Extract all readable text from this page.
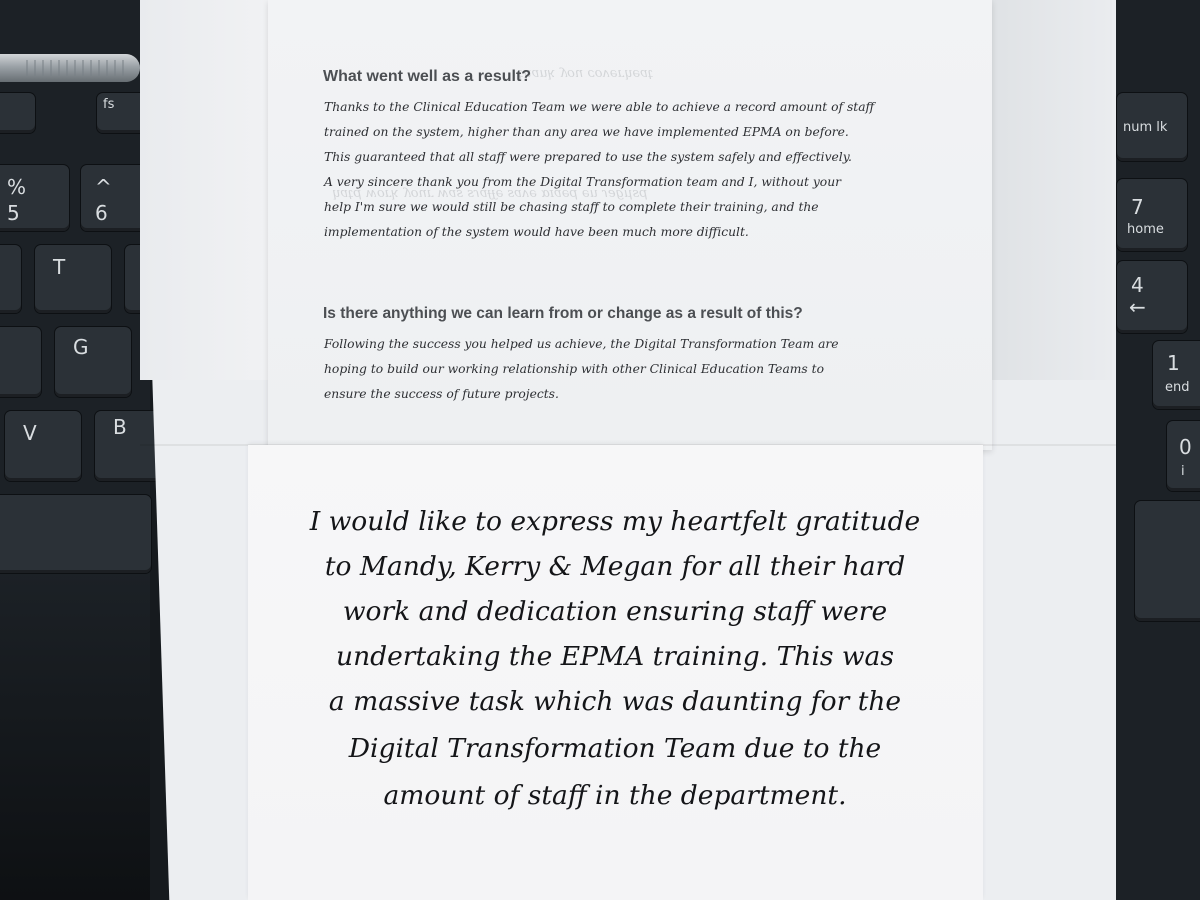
fs
%
5
^
6
T
G
V	B
num lk
7
home
4
←
1
end
0
i
psµgeɾ uə pəɐɪɑ əʌɐs əɟɟɐɾs sɐʍ ɹnoʎ ʞɹoʍ pʇɐɥ
ʇɐəɥɹəʌoɔ noʎ ʞuɐɥʇ
What went well as a result?

Thanks to the Clinical Education Team we were able to achieve a record amount of staff

trained on the system, higher than any area we have implemented EPMA on before.

This guaranteed that all staff were prepared to use the system safely and effectively.

A very sincere thank you from the Digital Transformation team and I, without your

help I'm sure we would still be chasing staff to complete their training, and the

implementation of the system would have been much more difficult.

Is there anything we can learn from or change as a result of this?

Following the success you helped us achieve, the Digital Transformation Team are

hoping to build our working relationship with other Clinical Education Teams to

ensure the success of future projects.

I would like to express my heartfelt gratitude

to Mandy, Kerry & Megan for all their hard

work and dedication ensuring staff were

undertaking the EPMA training. This was

a massive task which was daunting for the

Digital Transformation Team due to the

amount of staff in the department.
